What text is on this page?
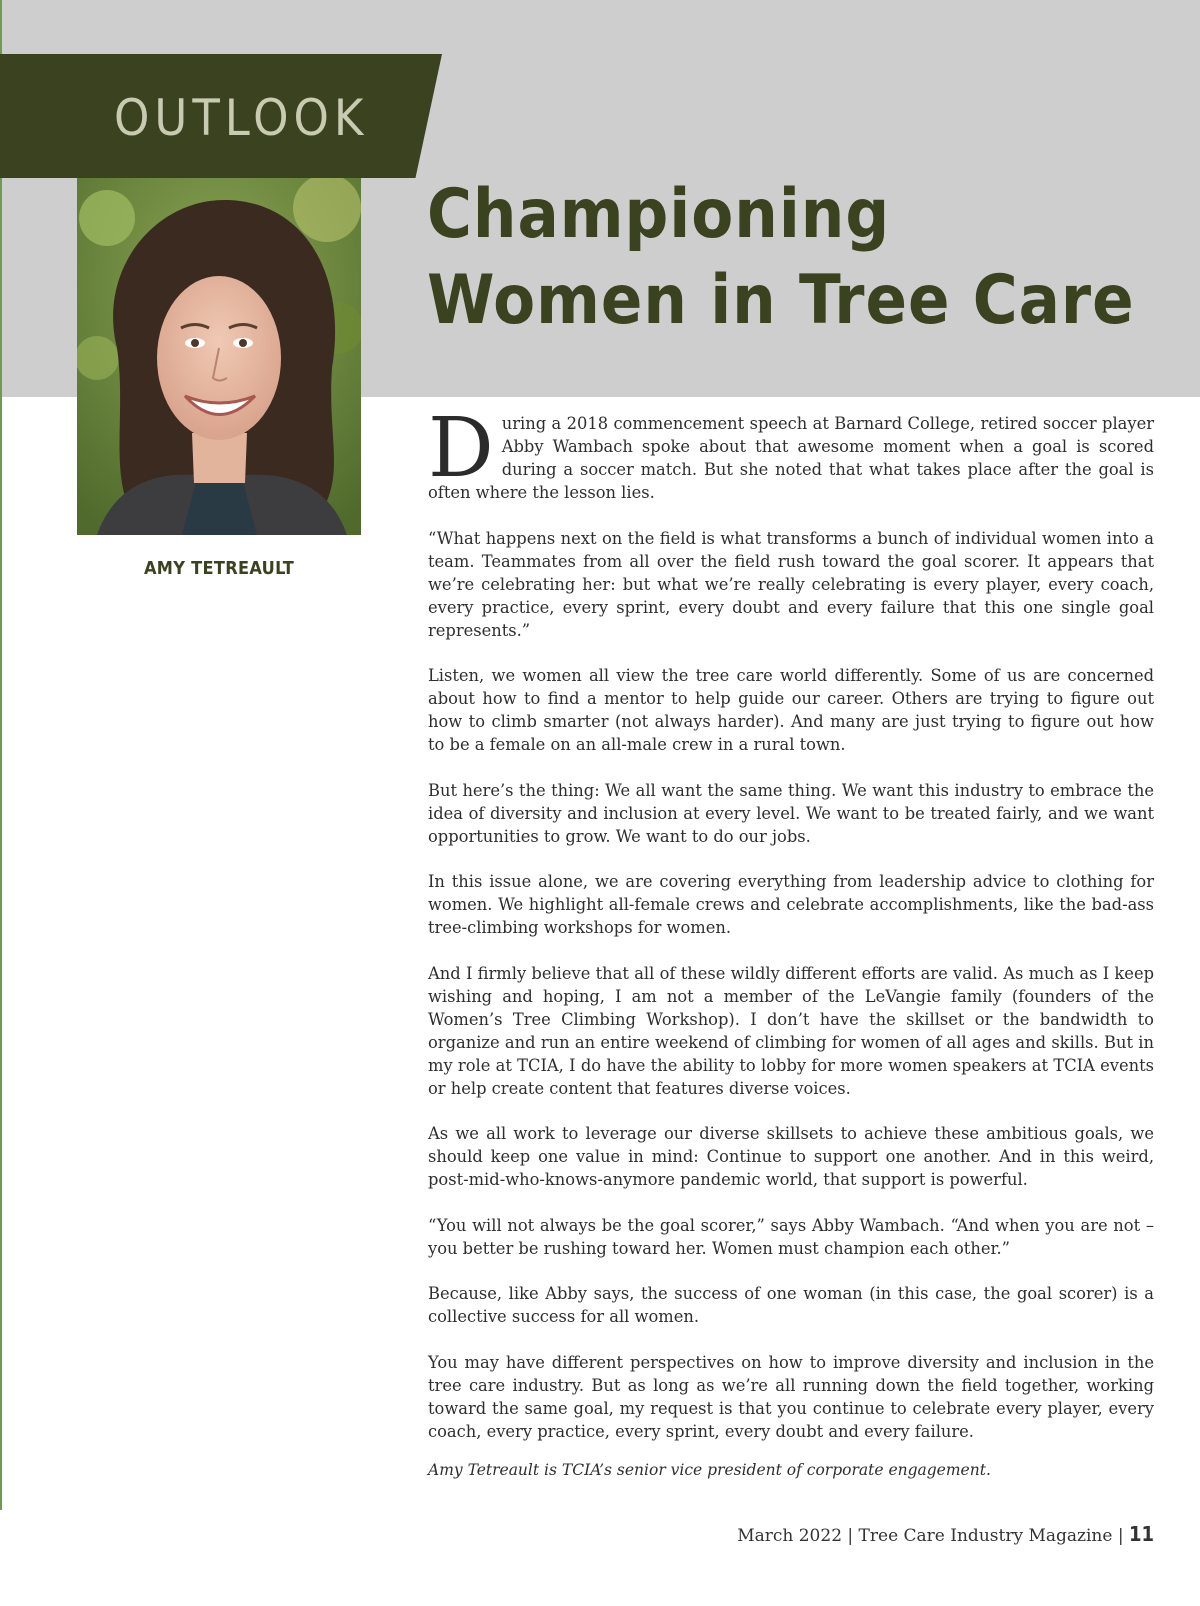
OUTLOOK
Championing Women in Tree Care
AMY TETREAULT

During a 2018 commencement speech at Barnard College, retired soccer player Abby Wambach spoke about that awesome moment when a goal is scored during a soccer match. But she noted that what takes place after the goal is often where the lesson lies.

“What happens next on the field is what transforms a bunch of individual women into a team. Teammates from all over the field rush toward the goal scorer. It appears that we’re celebrating her: but what we’re really celebrating is every player, every coach, every practice, every sprint, every doubt and every failure that this one single goal represents.”

Listen, we women all view the tree care world differently. Some of us are concerned about how to find a mentor to help guide our career. Others are trying to figure out how to climb smarter (not always harder). And many are just trying to figure out how to be a female on an all-male crew in a rural town.

But here’s the thing: We all want the same thing. We want this industry to embrace the idea of diversity and inclusion at every level. We want to be treated fairly, and we want opportunities to grow. We want to do our jobs.

In this issue alone, we are covering everything from leadership advice to clothing for women. We highlight all-female crews and celebrate accomplishments, like the bad-ass tree-climbing workshops for women.

And I firmly believe that all of these wildly different efforts are valid. As much as I keep wishing and hoping, I am not a member of the LeVangie family (founders of the Women’s Tree Climbing Workshop). I don’t have the skillset or the bandwidth to organize and run an entire weekend of climbing for women of all ages and skills. But in my role at TCIA, I do have the ability to lobby for more women speakers at TCIA events or help create content that features diverse voices.

As we all work to leverage our diverse skillsets to achieve these ambitious goals, we should keep one value in mind: Continue to support one another. And in this weird, post-mid-who-knows-anymore pandemic world, that support is powerful.

“You will not always be the goal scorer,” says Abby Wambach. “And when you are not – you better be rushing toward her. Women must champion each other.”

Because, like Abby says, the success of one woman (in this case, the goal scorer) is a collective success for all women.

You may have different perspectives on how to improve diversity and inclusion in the tree care industry. But as long as we’re all running down the field together, working toward the same goal, my request is that you continue to celebrate every player, every coach, every practice, every sprint, every doubt and every failure.

Amy Tetreault is TCIA’s senior vice president of corporate engagement.

March 2022 | Tree Care Industry Magazine | 11
